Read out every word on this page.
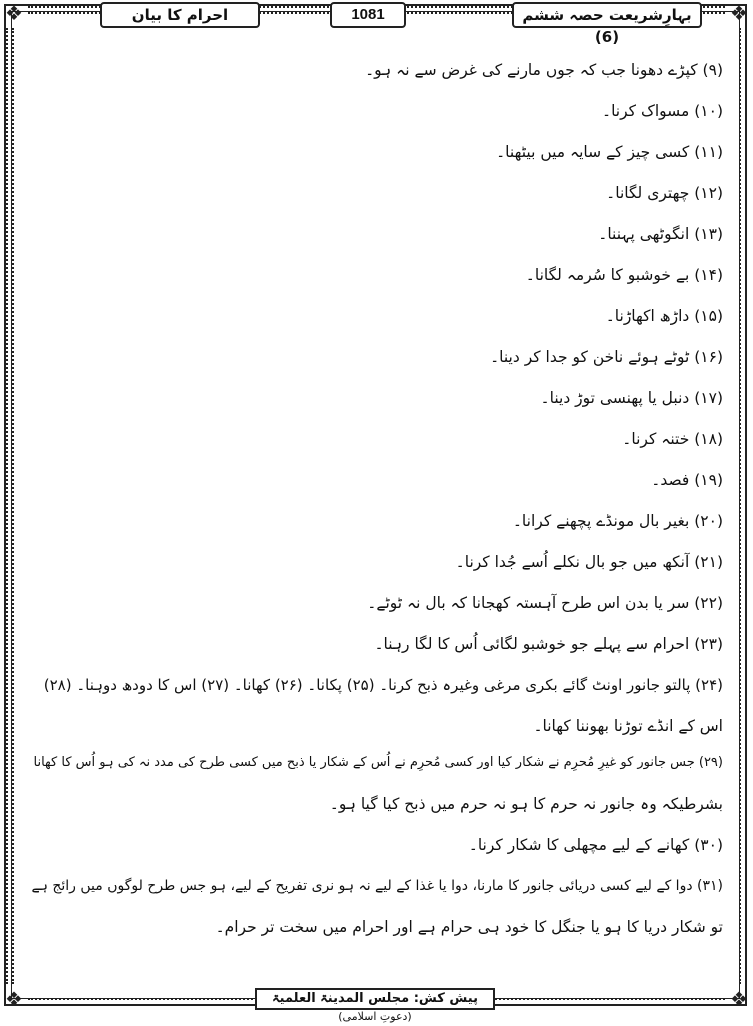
❖	❖
❖	❖
بہارِشریعت حصہ ششم (6)
1081
احرام کا بیان
(۹) کپڑے دھونا جب کہ جوں مارنے کی غرض سے نہ ہو۔
(۱۰) مسواک کرنا۔
(۱۱) کسی چیز کے سایہ میں بیٹھنا۔
(۱۲) چھتری لگانا۔
(۱۳) انگوٹھی پہننا۔
(۱۴) بے خوشبو کا سُرمہ لگانا۔
(۱۵) داڑھ اکھاڑنا۔
(۱۶) ٹوٹے ہوئے ناخن کو جدا کر دینا۔
(۱۷) دنبل یا پھنسی توڑ دینا۔
(۱۸) ختنہ کرنا۔
(۱۹) فصد۔
(۲۰) بغیر بال مونڈے پچھنے کرانا۔
(۲۱) آنکھ میں جو بال نکلے اُسے جُدا کرنا۔
(۲۲) سر یا بدن اس طرح آہستہ کھجانا کہ بال نہ ٹوٹے۔
(۲۳) احرام سے پہلے جو خوشبو لگائی اُس کا لگا رہنا۔
(۲۴) پالتو جانور اونٹ گائے بکری مرغی وغیرہ ذبح کرنا۔ (۲۵) پکانا۔ (۲۶) کھانا۔ (۲۷) اس کا دودھ دوہنا۔ (۲۸)
اس کے انڈے توڑنا بھوننا کھانا۔
(۲۹) جس جانور کو غیرِ مُحرِم نے شکار کیا اور کسی مُحرِم نے اُس کے شکار یا ذبح میں کسی طرح کی مدد نہ کی ہو اُس کا کھانا
بشرطیکہ وہ جانور نہ حرم کا ہو نہ حرم میں ذبح کیا گیا ہو۔
(۳۰) کھانے کے لیے مچھلی کا شکار کرنا۔
(۳۱) دوا کے لیے کسی دریائی جانور کا مارنا، دوا یا غذا کے لیے نہ ہو نری تفریح کے لیے، ہو جس طرح لوگوں میں رائج ہے
تو شکار دریا کا ہو یا جنگل کا خود ہی حرام ہے اور احرام میں سخت تر حرام۔
پیش کش: مجلس المدینۃ العلمیۃ (دعوتِ اسلامی)
